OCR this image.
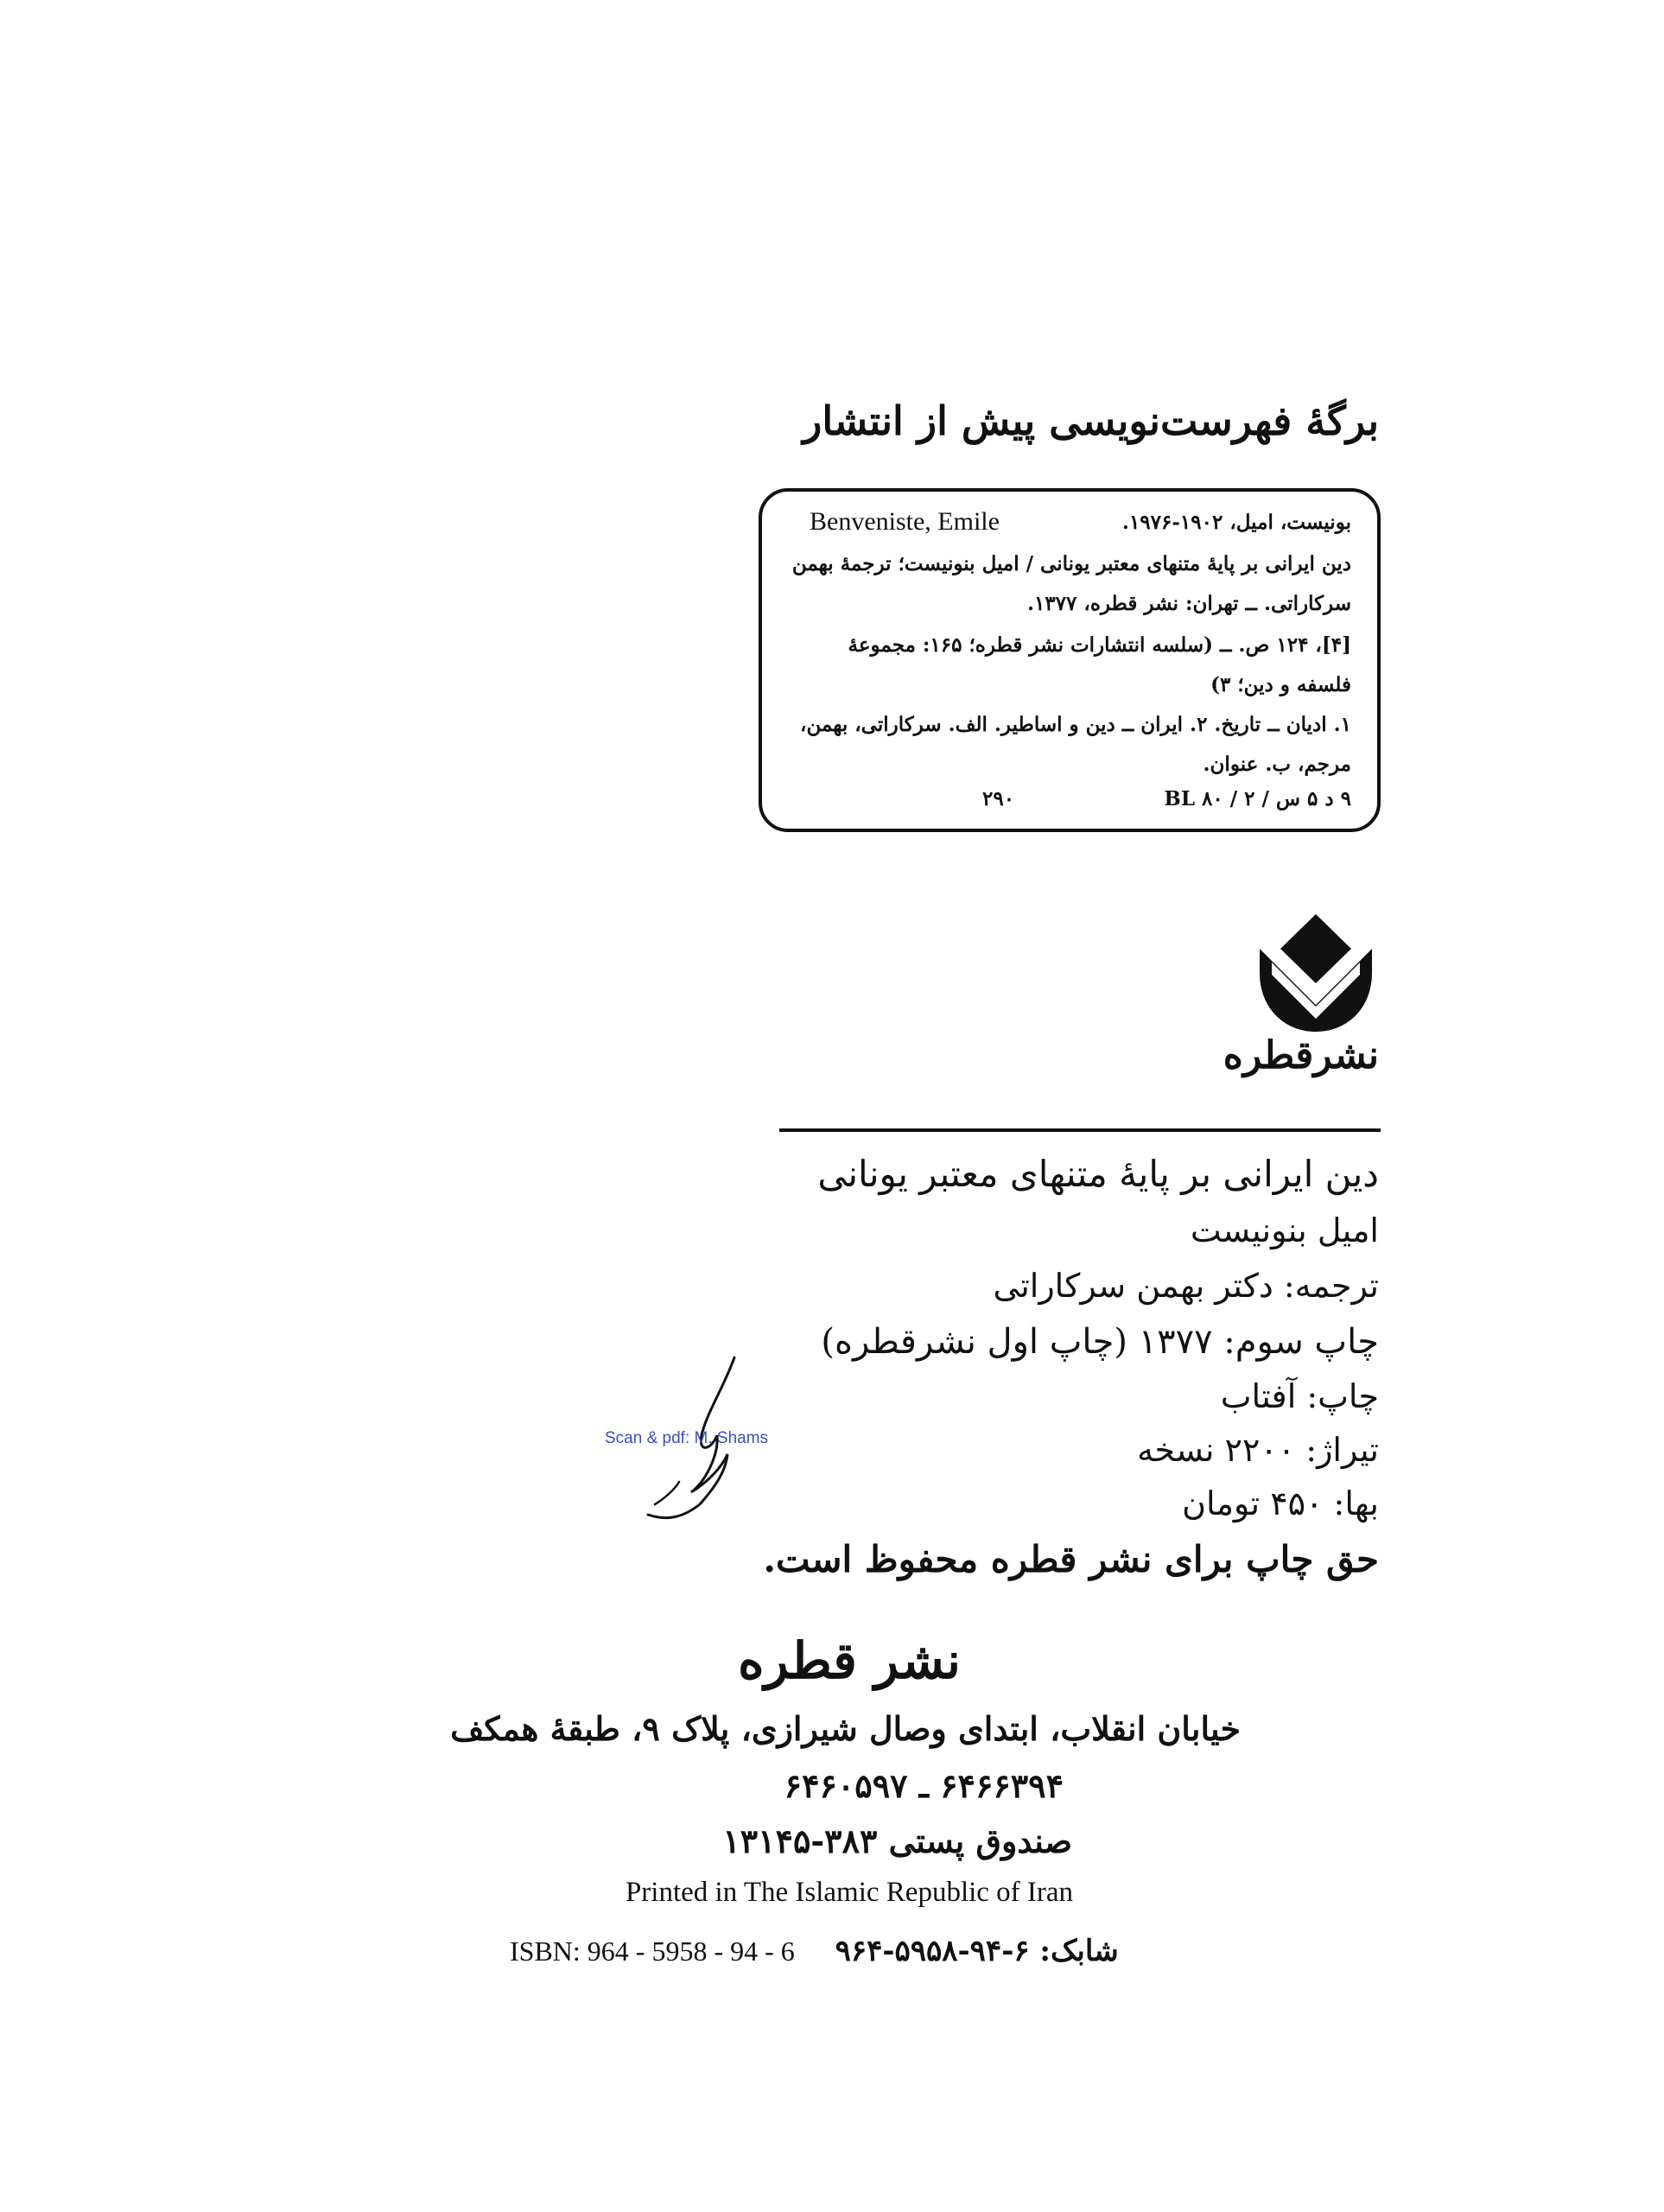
برگهٔ فهرست‌نویسی پیش از انتشار
Benveniste, Emile	بونیست، امیل، ۱۹۰۲-۱۹۷۶.
دین ایرانی بر پایهٔ متنهای معتبر یونانی / امیل بنونیست؛ ترجمهٔ بهمن
سرکاراتی. ــ تهران: نشر قطره، ۱۳۷۷.
[۴]، ۱۲۴ ص. ــ (سلسه انتشارات نشر قطره؛ ۱۶۵: مجموعهٔ
فلسفه و دین؛ ۳)
۱. ادیان ــ تاریخ. ۲. ایران ــ دین و اساطیر. الف. سرکاراتی، بهمن،
مرجم، ب. عنوان.
۹ د ۵ س / ۲ / ۸۰ BL
۲۹۰
نشرقطره
دین ایرانی بر پایهٔ متنهای معتبر یونانی
امیل بنونیست
ترجمه: دکتر بهمن سرکاراتی
چاپ سوم: ۱۳۷۷ (چاپ اول نشرقطره)
چاپ: آفتاب
تیراژ: ۲۲۰۰ نسخه
بها: ۴۵۰ تومان
حق چاپ برای نشر قطره محفوظ است.
Scan & pdf: M. Shams
نشر قطره
خیابان انقلاب، ابتدای وصال شیرازی، پلاک ۹، طبقهٔ همکف
۶۴۶۶۳۹۴ ـ ۶۴۶۰۵۹۷
صندوق پستی ۳۸۳-۱۳۱۴۵
Printed in The Islamic Republic of Iran
ISBN: 964 - 5958 - 94 - 6 شابک: ۶-۹۴-۵۹۵۸-۹۶۴
